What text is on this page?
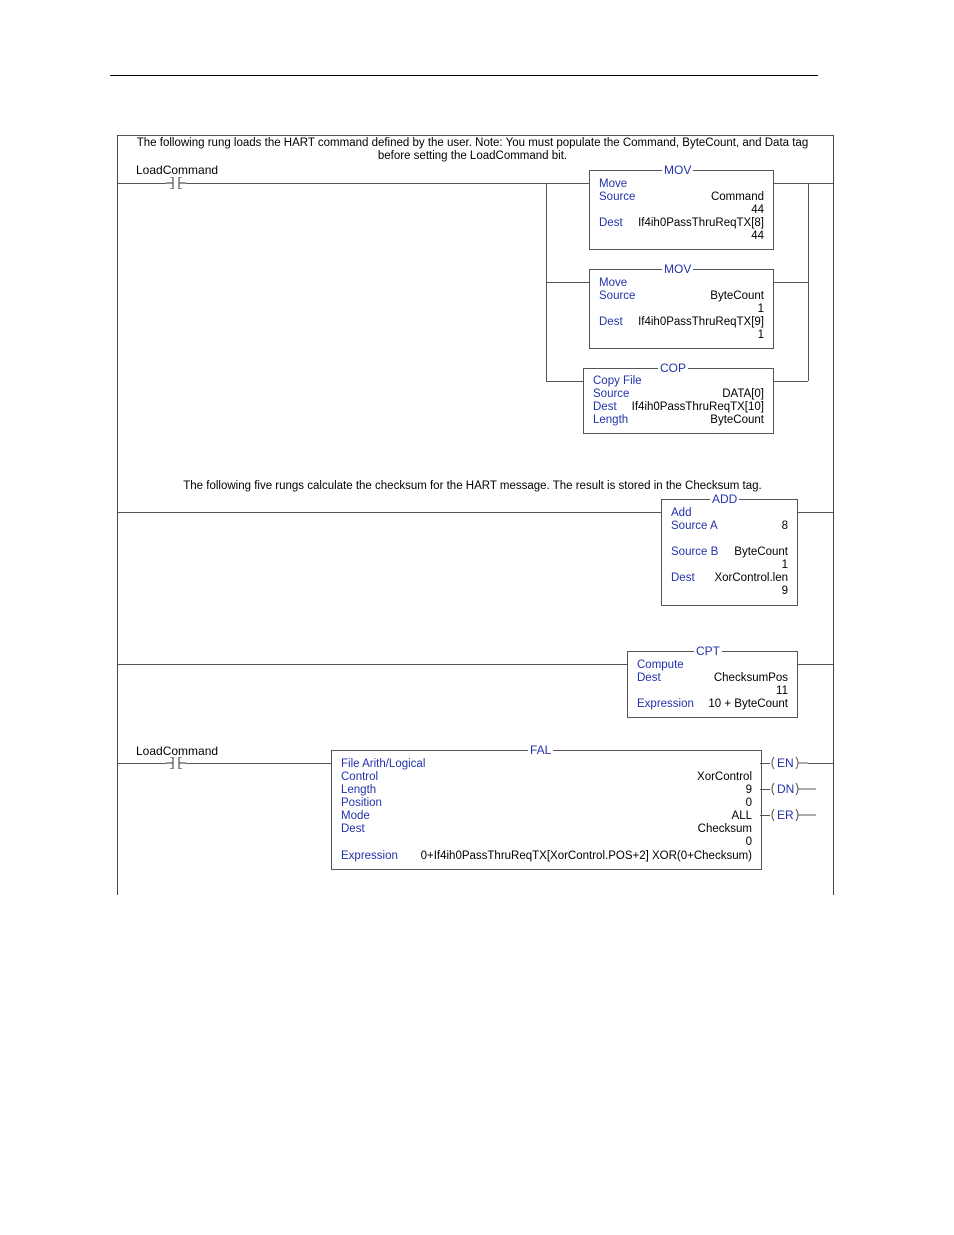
The following rung loads the HART command defined by the user. Note: You must populate the Command, ByteCount, and Data tag
before setting the LoadCommand bit.
LoadCommand	MOV
Move
Source	Command
44
Dest If4ih0PassThruReqTX[8]
44
MOV
Move
Source	ByteCount
1
Dest If4ih0PassThruReqTX[9]
1
COP
Copy File
Source	DATA[0]
Dest If4ih0PassThruReqTX[10]
Length	ByteCount
The following five rungs calculate the checksum for the HART message. The result is stored in the Checksum tag.
ADD
Add
Source A	8
Source B ByteCount
1
Dest XorControl.len
9
CPT
Compute
Dest	ChecksumPos
11
Expression 10 + ByteCount
LoadCommand	FAL
File Arith/Logical
Control	XorControl
Length	9
Position	0
Mode	ALL
Dest	Checksum
0
Expression 0+If4ih0PassThruReqTX[XorControl.POS+2] XOR(0+Checksum)
EN
DN
ER
